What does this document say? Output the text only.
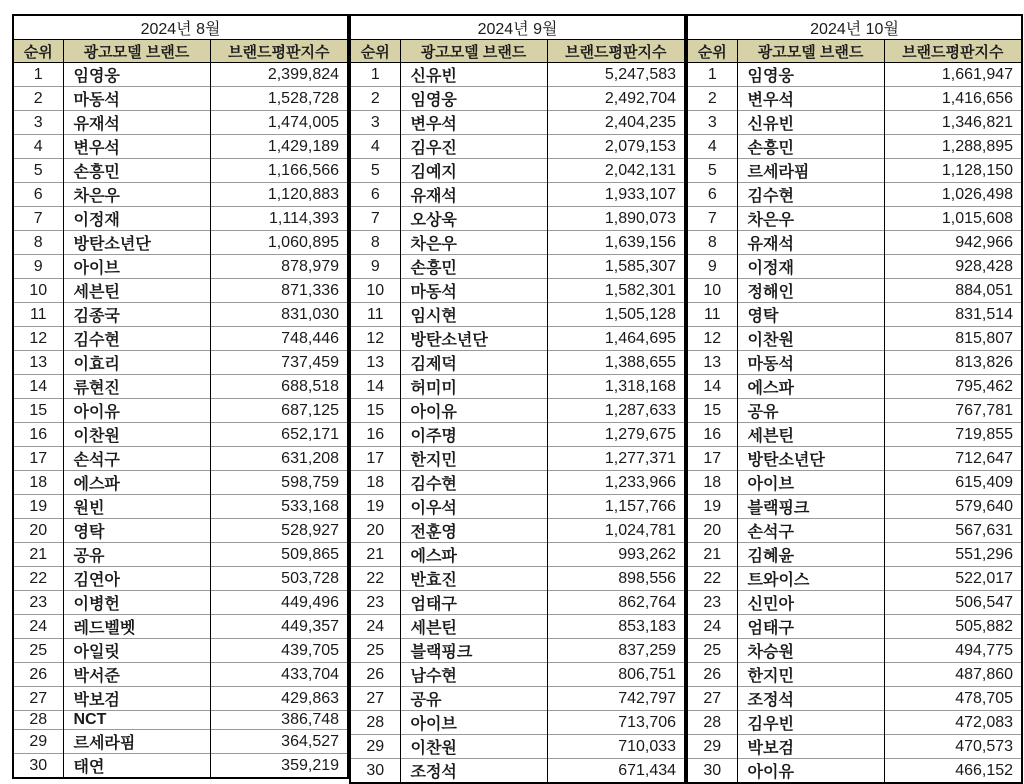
2024년 8월		
순위	광고모델 브랜드	브랜드평판지수
1	임영웅	2,399,824
2	마동석	1,528,728
3	유재석	1,474,005
4	변우석	1,429,189
5	손흥민	1,166,566
6	차은우	1,120,883
7	이정재	1,114,393
8	방탄소년단	1,060,895
9	아이브	878,979
10	세븐틴	871,336
11	김종국	831,030
12	김수현	748,446
13	이효리	737,459
14	류현진	688,518
15	아이유	687,125
16	이찬원	652,171
17	손석구	631,208
18	에스파	598,759
19	원빈	533,168
20	영탁	528,927
21	공유	509,865
22	김연아	503,728
23	이병헌	449,496
24	레드벨벳	449,357
25	아일릿	439,705
26	박서준	433,704
27	박보검	429,863
28	NCT	386,748
29	르세라핌	364,527
30	태연	359,219
2024년 9월		
순위	광고모델 브랜드	브랜드평판지수
1	신유빈	5,247,583
2	임영웅	2,492,704
3	변우석	2,404,235
4	김우진	2,079,153
5	김예지	2,042,131
6	유재석	1,933,107
7	오상욱	1,890,073
8	차은우	1,639,156
9	손흥민	1,585,307
10	마동석	1,582,301
11	임시현	1,505,128
12	방탄소년단	1,464,695
13	김제덕	1,388,655
14	허미미	1,318,168
15	아이유	1,287,633
16	이주명	1,279,675
17	한지민	1,277,371
18	김수현	1,233,966
19	이우석	1,157,766
20	전훈영	1,024,781
21	에스파	993,262
22	반효진	898,556
23	엄태구	862,764
24	세븐틴	853,183
25	블랙핑크	837,259
26	남수현	806,751
27	공유	742,797
28	아이브	713,706
29	이찬원	710,033
30	조정석	671,434
2024년 10월		
순위	광고모델 브랜드	브랜드평판지수
1	임영웅	1,661,947
2	변우석	1,416,656
3	신유빈	1,346,821
4	손흥민	1,288,895
5	르세라핌	1,128,150
6	김수현	1,026,498
7	차은우	1,015,608
8	유재석	942,966
9	이정재	928,428
10	정해인	884,051
11	영탁	831,514
12	이찬원	815,807
13	마동석	813,826
14	에스파	795,462
15	공유	767,781
16	세븐틴	719,855
17	방탄소년단	712,647
18	아이브	615,409
19	블랙핑크	579,640
20	손석구	567,631
21	김혜윤	551,296
22	트와이스	522,017
23	신민아	506,547
24	엄태구	505,882
25	차승원	494,775
26	한지민	487,860
27	조정석	478,705
28	김우빈	472,083
29	박보검	470,573
30	아이유	466,152
